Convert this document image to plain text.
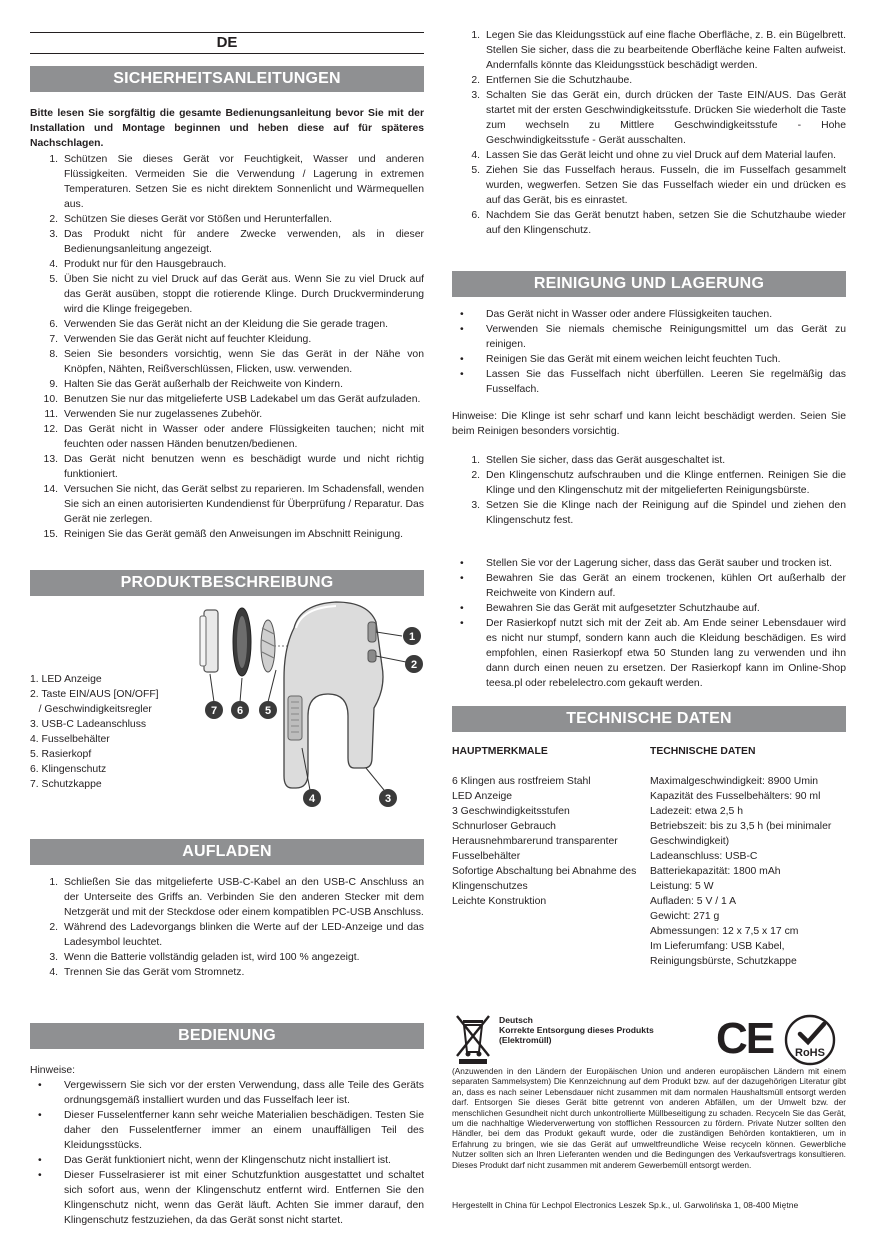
DE
SICHERHEITSANLEITUNGEN
Bitte lesen Sie sorgfältig die gesamte Bedienungsanleitung bevor Sie mit der Installation und Montage beginnen und heben diese auf für späteres Nachschlagen.
1. Schützen Sie dieses Gerät vor Feuchtigkeit, Wasser und anderen Flüssigkeiten. Vermeiden Sie die Verwendung / Lagerung in extremen Temperaturen. Setzen Sie es nicht direktem Sonnenlicht und Wärmequellen aus.
2. Schützen Sie dieses Gerät vor Stößen und Herunterfallen.
3. Das Produkt nicht für andere Zwecke verwenden, als in dieser Bedienungsanleitung angezeigt.
4. Produkt nur für den Hausgebrauch.
5. Üben Sie nicht zu viel Druck auf das Gerät aus. Wenn Sie zu viel Druck auf das Gerät ausüben, stoppt die rotierende Klinge. Durch Druckverminderung wird die Klinge freigegeben.
6. Verwenden Sie das Gerät nicht an der Kleidung die Sie gerade tragen.
7. Verwenden Sie das Gerät nicht auf feuchter Kleidung.
8. Seien Sie besonders vorsichtig, wenn Sie das Gerät in der Nähe von Knöpfen, Nähten, Reißverschlüssen, Flicken, usw. verwenden.
9. Halten Sie das Gerät außerhalb der Reichweite von Kindern.
10. Benutzen Sie nur das mitgelieferte USB Ladekabel um das Gerät aufzuladen.
11. Verwenden Sie nur zugelassenes Zubehör.
12. Das Gerät nicht in Wasser oder andere Flüssigkeiten tauchen; nicht mit feuchten oder nassen Händen benutzen/bedienen.
13. Das Gerät nicht benutzen wenn es beschädigt wurde und nicht richtig funktioniert.
14. Versuchen Sie nicht, das Gerät selbst zu reparieren. Im Schadensfall, wenden Sie sich an einen autorisierten Kundendienst für Überprüfung / Reparatur. Das Gerät nie zerlegen.
15. Reinigen Sie das Gerät gemäß den Anweisungen im Abschnitt Reinigung.
PRODUKTBESCHREIBUNG
1. LED Anzeige
2. Taste EIN/AUS [ON/OFF]
/ Geschwindigkeitsregler
3. USB-C Ladeanschluss
4. Fusselbehälter
5. Rasierkopf
6. Klingenschutz
7. Schutzkappe
1
2
3
4
5
6
7
AUFLADEN
1. Schließen Sie das mitgelieferte USB-C-Kabel an den USB-C Anschluss an der Unterseite des Griffs an. Verbinden Sie den anderen Stecker mit dem Netzgerät und mit der Steckdose oder einem kompatiblen PC-USB Anschluss.
2. Während des Ladevorgangs blinken die Werte auf der LED-Anzeige und das Ladesymbol leuchtet.
3. Wenn die Batterie vollständig geladen ist, wird 100 % angezeigt.
4. Trennen Sie das Gerät vom Stromnetz.
BEDIENUNG
Hinweise:
• Vergewissern Sie sich vor der ersten Verwendung, dass alle Teile des Geräts ordnungsgemäß installiert wurden und das Fusselfach leer ist.
• Dieser Fusselentferner kann sehr weiche Materialien beschädigen. Testen Sie daher den Fusselentferner immer an einem unauffälligen Teil des Kleidungsstücks.
• Das Gerät funktioniert nicht, wenn der Klingenschutz nicht installiert ist.
• Dieser Fusselrasierer ist mit einer Schutzfunktion ausgestattet und schaltet sich sofort aus, wenn der Klingenschutz entfernt wird. Entfernen Sie den Klingenschutz nicht, wenn das Gerät läuft. Achten Sie immer darauf, den Klingenschutz festzuziehen, da das Gerät sonst nicht startet.
1. Legen Sie das Kleidungsstück auf eine flache Oberfläche, z. B. ein Bügelbrett. Stellen Sie sicher, dass die zu bearbeitende Oberfläche keine Falten aufweist. Andernfalls könnte das Kleidungsstück beschädigt werden.
2. Entfernen Sie die Schutzhaube.
3. Schalten Sie das Gerät ein, durch drücken der Taste EIN/AUS. Das Gerät startet mit der ersten Geschwindigkeitsstufe. Drücken Sie wiederholt die Taste zum wechseln zu Mittlere Geschwindigkeitsstufe - Hohe Geschwindigkeitsstufe - Gerät ausschalten.
4. Lassen Sie das Gerät leicht und ohne zu viel Druck auf dem Material laufen.
5. Ziehen Sie das Fusselfach heraus. Fusseln, die im Fusselfach gesammelt wurden, wegwerfen. Setzen Sie das Fusselfach wieder ein und drücken es auf das Gerät, bis es einrastet.
6. Nachdem Sie das Gerät benutzt haben, setzen Sie die Schutzhaube wieder auf den Klingenschutz.
REINIGUNG UND LAGERUNG
• Das Gerät nicht in Wasser oder andere Flüssigkeiten tauchen.
• Verwenden Sie niemals chemische Reinigungsmittel um das Gerät zu reinigen.
• Reinigen Sie das Gerät mit einem weichen leicht feuchten Tuch.
• Lassen Sie das Fusselfach nicht überfüllen. Leeren Sie regelmäßig das Fusselfach.
Hinweise: Die Klinge ist sehr scharf und kann leicht beschädigt werden. Seien Sie beim Reinigen besonders vorsichtig.
1. Stellen Sie sicher, dass das Gerät ausgeschaltet ist.
2. Den Klingenschutz aufschrauben und die Klinge entfernen. Reinigen Sie die Klinge und den Klingenschutz mit der mitgelieferten Reinigungsbürste.
3. Setzen Sie die Klinge nach der Reinigung auf die Spindel und ziehen den Klingenschutz fest.
• Stellen Sie vor der Lagerung sicher, dass das Gerät sauber und trocken ist.
• Bewahren Sie das Gerät an einem trockenen, kühlen Ort außerhalb der Reichweite von Kindern auf.
• Bewahren Sie das Gerät mit aufgesetzter Schutzhaube auf.
• Der Rasierkopf nutzt sich mit der Zeit ab. Am Ende seiner Lebensdauer wird es nicht nur stumpf, sondern kann auch die Kleidung beschädigen. Es wird empfohlen, einen Rasierkopf etwa 50 Stunden lang zu verwenden und ihn dann durch einen neuen zu ersetzen. Der Rasierkopf kann im Online-Shop teesa.pl oder rebelelectro.com gekauft werden.
TECHNISCHE DATEN
HAUPTMERKMALE
6 Klingen aus rostfreiem Stahl
LED Anzeige
3 Geschwindigkeitsstufen
Schnurloser Gebrauch
Herausnehmbarerund transparenter Fusselbehälter
Sofortige Abschaltung bei Abnahme des Klingenschutzes
Leichte Konstruktion
TECHNISCHE DATEN
Maximalgeschwindigkeit: 8900 Umin
Kapazität des Fusselbehälters: 90 ml
Ladezeit: etwa 2,5 h
Betriebszeit: bis zu 3,5 h (bei minimaler Geschwindigkeit)
Ladeanschluss: USB-C
Batteriekapazität: 1800 mAh
Leistung: 5 W
Aufladen: 5 V / 1 A
Gewicht: 271 g
Abmessungen: 12 x 7,5 x 17 cm
Im Lieferumfang: USB Kabel, Reinigungsbürste, Schutzkappe
Deutsch
Korrekte Entsorgung dieses Produkts (Elektromüll)	CE RoHS
(Anzuwenden in den Ländern der Europäischen Union und anderen europäischen Ländern mit einem separaten Sammelsystem) Die Kennzeichnung auf dem Produkt bzw. auf der dazugehörigen Literatur gibt an, dass es nach seiner Lebensdauer nicht zusammen mit dam normalen Haushaltsmüll entsorgt werden darf. Entsorgen Sie dieses Gerät bitte getrennt von anderen Abfällen, um der Umwelt bzw. der menschlichen Gesundheit nicht durch unkontrollierte Müllbeseitigung zu schaden. Recyceln Sie das Gerät, um die nachhaltige Wiederverwertung von stofflichen Ressourcen zu fördern. Private Nutzer sollten den Händler, bei dem das Produkt gekauft wurde, oder die zuständigen Behörden kontaktieren, um in Erfahrung zu bringen, wie sie das Gerät auf umweltfreundliche Weise recyceln können. Gewerbliche Nutzer sollten sich an Ihren Lieferanten wenden und die Bedingungen des Verkaufsvertrags konsultieren. Dieses Produkt darf nicht zusammen mit anderem Gewerbemüll entsorgt werden.
Hergestellt in China für Lechpol Electronics Leszek Sp.k., ul. Garwolińska 1, 08-400 Miętne
